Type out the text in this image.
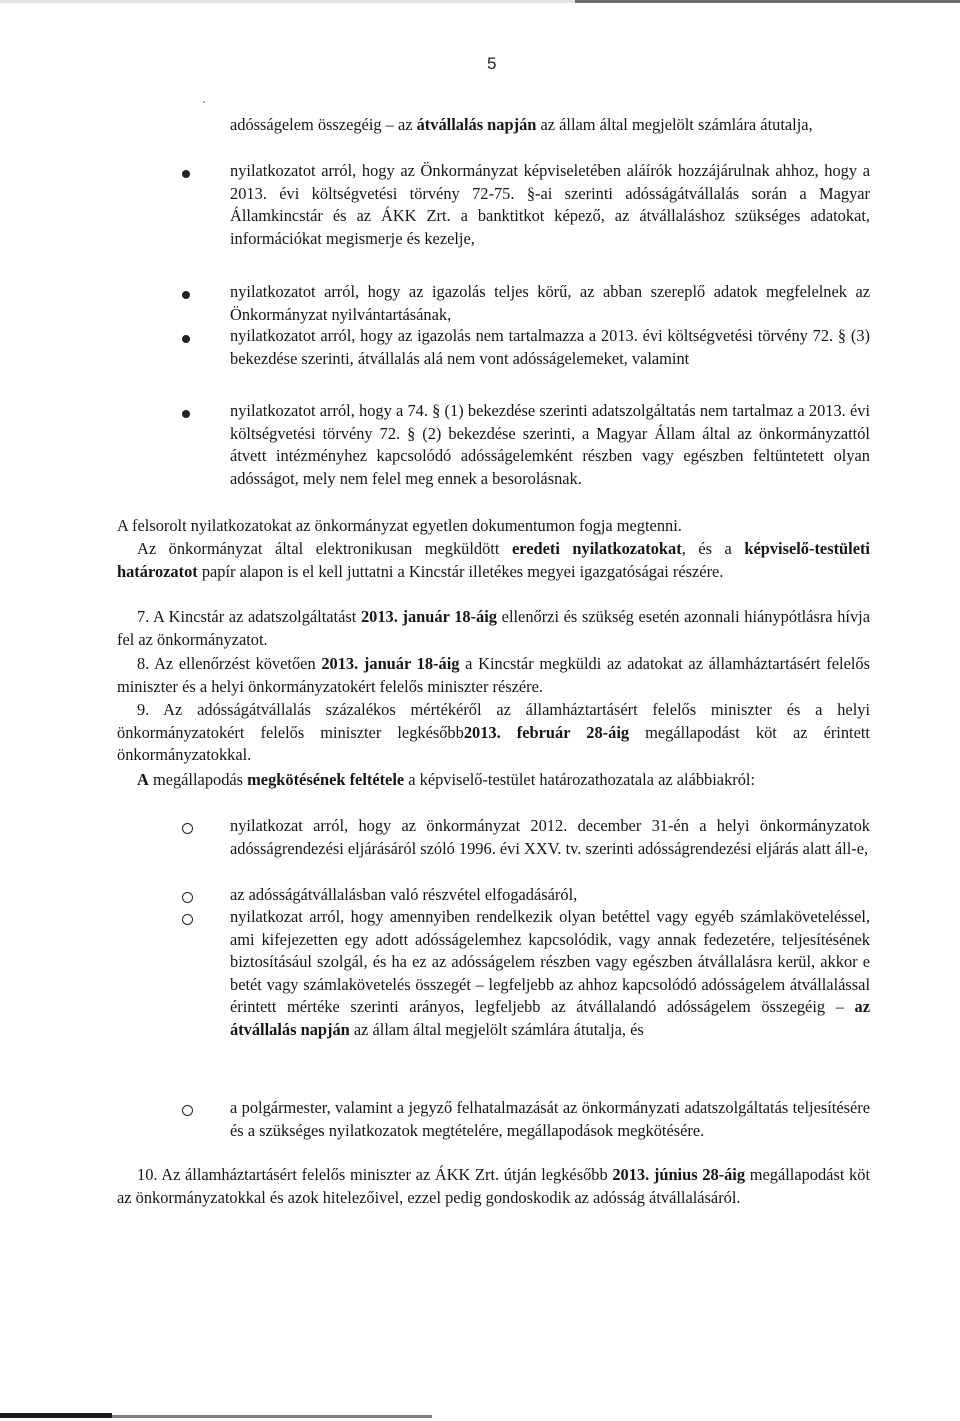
5

adósságelem összegéig – az átvállalás napján az állam által megjelölt számlára átutalja,

nyilatkozatot arról, hogy az Önkormányzat képviseletében aláírók hozzájárulnak ahhoz, hogy a 2013. évi költségvetési törvény 72-75. §-ai szerinti adósságátvállalás során a Magyar Államkincstár és az ÁKK Zrt. a banktitkot képező, az átvállaláshoz szükséges adatokat, információkat megismerje és kezelje,

nyilatkozatot arról, hogy az igazolás teljes körű, az abban szereplő adatok megfelelnek az Önkormányzat nyilvántartásának,

nyilatkozatot arról, hogy az igazolás nem tartalmazza a 2013. évi költségvetési törvény 72. § (3) bekezdése szerinti, átvállalás alá nem vont adósságelemeket, valamint

nyilatkozatot arról, hogy a 74. § (1) bekezdése szerinti adatszolgáltatás nem tartalmaz a 2013. évi költségvetési törvény 72. § (2) bekezdése szerinti, a Magyar Állam által az önkormányzattól átvett intézményhez kapcsolódó adósságelemként részben vagy egészben feltüntetett olyan adósságot, mely nem felel meg ennek a besorolásnak.

A felsorolt nyilatkozatokat az önkormányzat egyetlen dokumentumon fogja megtenni.

Az önkormányzat által elektronikusan megküldött eredeti nyilatkozatokat, és a képviselő-testületi határozatot papír alapon is el kell juttatni a Kincstár illetékes megyei igazgatóságai részére.

7. A Kincstár az adatszolgáltatást 2013. január 18-áig ellenőrzi és szükség esetén azonnali hiánypótlásra hívja fel az önkormányzatot.

8. Az ellenőrzést követően 2013. január 18-áig a Kincstár megküldi az adatokat az államháztartásért felelős miniszter és a helyi önkormányzatokért felelős miniszter részére.

9. Az adósságátvállalás százalékos mértékéről az államháztartásért felelős miniszter és a helyi önkormányzatokért felelős miniszter legkésőbb2013. február 28-áig megállapodást köt az érintett önkormányzatokkal.

A megállapodás megkötésének feltétele a képviselő-testület határozathozatala az alábbiakról:

nyilatkozat arról, hogy az önkormányzat 2012. december 31-én a helyi önkormányzatok adósságrendezési eljárásáról szóló 1996. évi XXV. tv. szerinti adósságrendezési eljárás alatt áll-e,

az adósságátvállalásban való részvétel elfogadásáról,

nyilatkozat arról, hogy amennyiben rendelkezik olyan betéttel vagy egyéb számlaköveteléssel, ami kifejezetten egy adott adósságelemhez kapcsolódik, vagy annak fedezetére, teljesítésének biztosításául szolgál, és ha ez az adósságelem részben vagy egészben átvállalásra kerül, akkor e betét vagy számlakövetelés összegét – legfeljebb az ahhoz kapcsolódó adósságelem átvállalással érintett mértéke szerinti arányos, legfeljebb az átvállalandó adósságelem összegéig – az átvállalás napján az állam által megjelölt számlára átutalja, és

a polgármester, valamint a jegyző felhatalmazását az önkormányzati adatszolgáltatás teljesítésére és a szükséges nyilatkozatok megtételére, megállapodások megkötésére.

10. Az államháztartásért felelős miniszter az ÁKK Zrt. útján legkésőbb 2013. június 28-áig megállapodást köt az önkormányzatokkal és azok hitelezőivel, ezzel pedig gondoskodik az adósság átvállalásáról.
